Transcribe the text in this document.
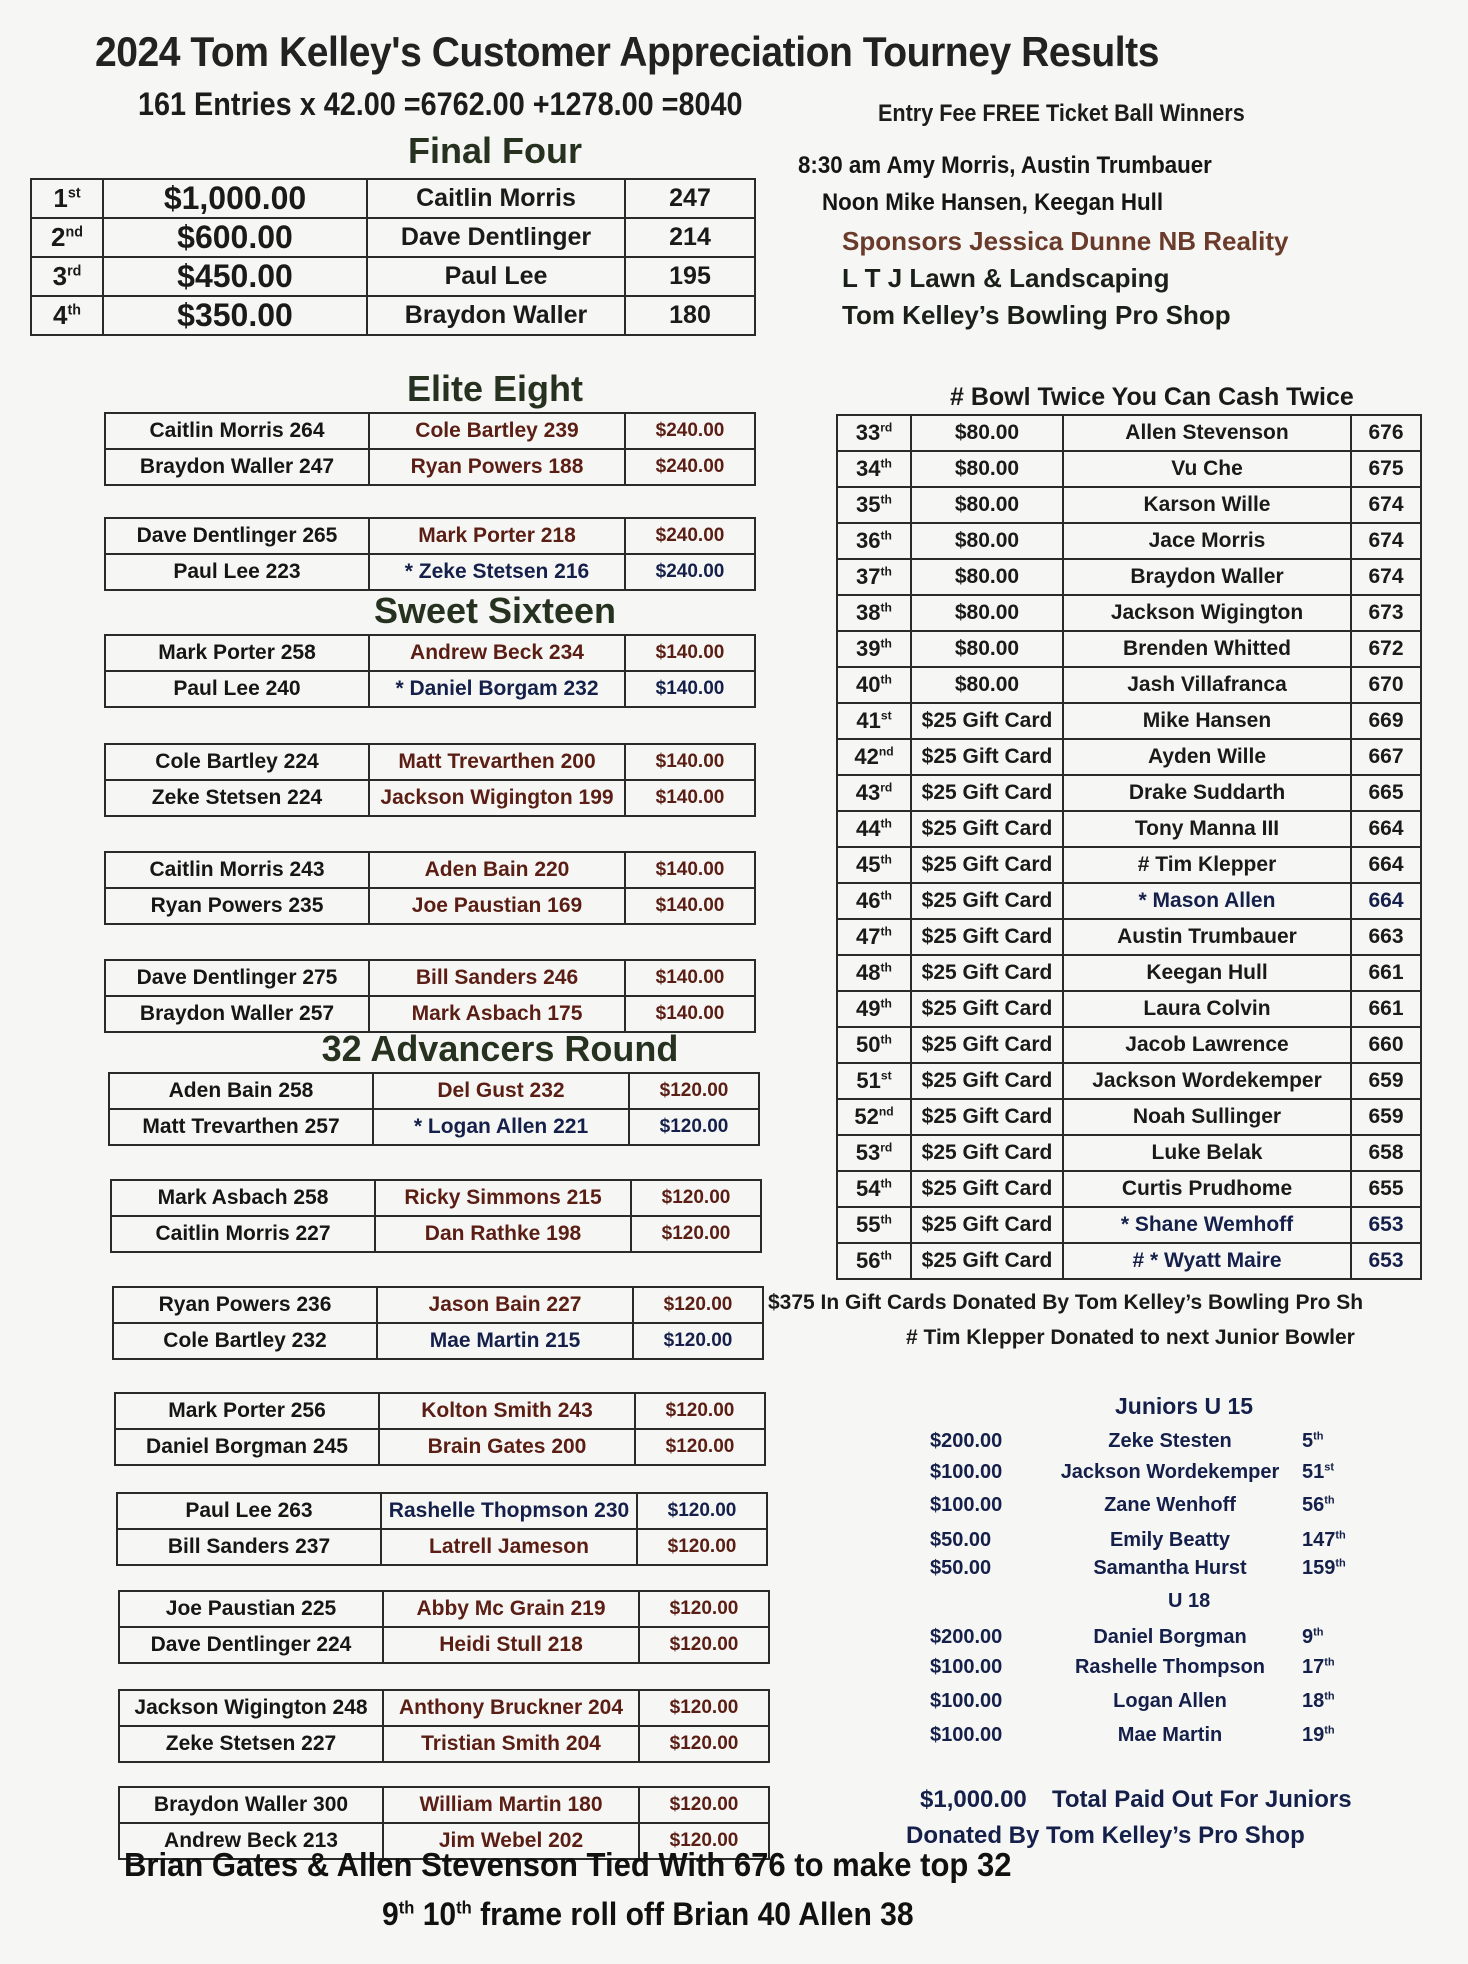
2024 Tom Kelley's Customer Appreciation Tourney Results
161 Entries x 42.00 =6762.00 +1278.00 =8040	Entry Fee FREE Ticket Ball Winners
Final Four
1st	$1,000.00	Caitlin Morris	247
2nd	$600.00	Dave Dentlinger	214
3rd	$450.00	Paul Lee	195
4th	$350.00	Braydon Waller	180
8:30 am Amy Morris, Austin Trumbauer
Noon Mike Hansen, Keegan Hull
Sponsors Jessica Dunne NB Reality
L T J Lawn & Landscaping
Tom Kelley’s Bowling Pro Shop
Elite Eight
Sweet Sixteen
32 Advancers Round
Caitlin Morris 264	Cole Bartley 239	$240.00
Braydon Waller 247	Ryan Powers 188	$240.00
Dave Dentlinger 265	Mark Porter 218	$240.00
Paul Lee 223	* Zeke Stetsen 216	$240.00
Mark Porter 258	Andrew Beck 234	$140.00
Paul Lee 240	* Daniel Borgam 232	$140.00
Cole Bartley 224	Matt Trevarthen 200	$140.00
Zeke Stetsen 224	Jackson Wigington 199	$140.00
Caitlin Morris 243	Aden Bain 220	$140.00
Ryan Powers 235	Joe Paustian 169	$140.00
Dave Dentlinger 275	Bill Sanders 246	$140.00
Braydon Waller 257	Mark Asbach 175	$140.00
Aden Bain 258	Del Gust 232	$120.00
Matt Trevarthen 257	* Logan Allen 221	$120.00
Mark Asbach 258	Ricky Simmons 215	$120.00
Caitlin Morris 227	Dan Rathke 198	$120.00
Ryan Powers 236	Jason Bain 227	$120.00
Cole Bartley 232	Mae Martin 215	$120.00
Mark Porter 256	Kolton Smith 243	$120.00
Daniel Borgman 245	Brain Gates 200	$120.00
Paul Lee 263	Rashelle Thopmson 230	$120.00
Bill Sanders 237	Latrell Jameson	$120.00
Joe Paustian 225	Abby Mc Grain 219	$120.00
Dave Dentlinger 224	Heidi Stull 218	$120.00
Jackson Wigington 248	Anthony Bruckner 204	$120.00
Zeke Stetsen 227	Tristian Smith 204	$120.00
Braydon Waller 300	William Martin 180	$120.00
Andrew Beck 213	Jim Webel 202	$120.00
# Bowl Twice You Can Cash Twice
33rd	$80.00	Allen Stevenson	676
34th	$80.00	Vu Che	675
35th	$80.00	Karson Wille	674
36th	$80.00	Jace Morris	674
37th	$80.00	Braydon Waller	674
38th	$80.00	Jackson Wigington	673
39th	$80.00	Brenden Whitted	672
40th	$80.00	Jash Villafranca	670
41st	$25 Gift Card	Mike Hansen	669
42nd	$25 Gift Card	Ayden Wille	667
43rd	$25 Gift Card	Drake Suddarth	665
44th	$25 Gift Card	Tony Manna III	664
45th	$25 Gift Card	# Tim Klepper	664
46th	$25 Gift Card	* Mason Allen	664
47th	$25 Gift Card	Austin Trumbauer	663
48th	$25 Gift Card	Keegan Hull	661
49th	$25 Gift Card	Laura Colvin	661
50th	$25 Gift Card	Jacob Lawrence	660
51st	$25 Gift Card	Jackson Wordekemper	659
52nd	$25 Gift Card	Noah Sullinger	659
53rd	$25 Gift Card	Luke Belak	658
54th	$25 Gift Card	Curtis Prudhome	655
55th	$25 Gift Card	* Shane Wemhoff	653
56th	$25 Gift Card	# * Wyatt Maire	653
$375 In Gift Cards Donated By Tom Kelley’s Bowling Pro Sh
# Tim Klepper Donated to next Junior Bowler
Juniors U 15
$200.00	Zeke Stesten	5th
$100.00	Jackson Wordekemper	51st
$100.00	Zane Wenhoff	56th
$50.00	Emily Beatty	147th
$50.00	Samantha Hurst	159th
U 18
$200.00	Daniel Borgman	9th
$100.00	Rashelle Thompson	17th
$100.00	Logan Allen	18th
$100.00	Mae Martin	19th
$1,000.00 Total Paid Out For Juniors
Donated By Tom Kelley’s Pro Shop
Brian Gates & Allen Stevenson Tied With 676 to make top 32
9th 10th frame roll off Brian 40 Allen 38
